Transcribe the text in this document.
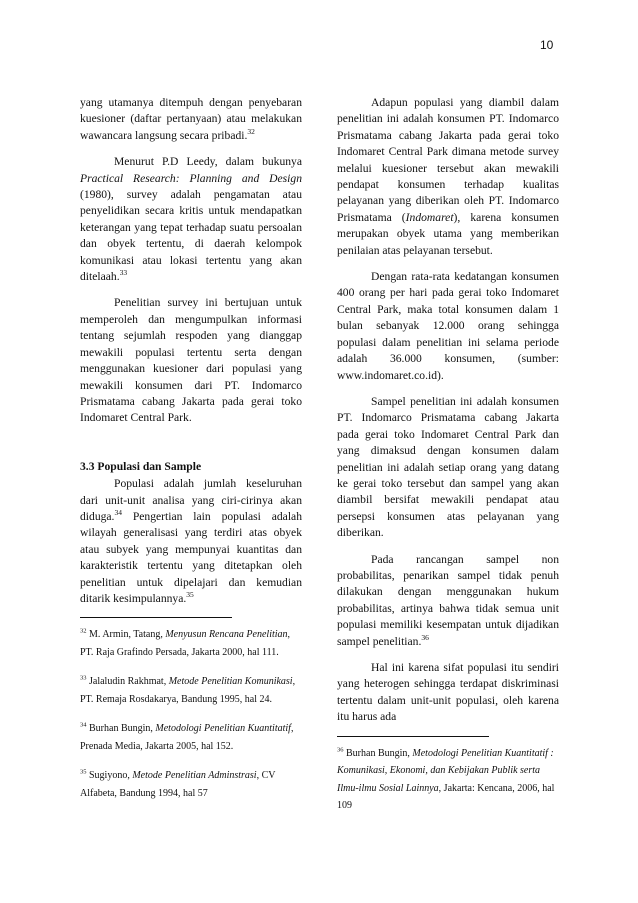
10

yang utamanya ditempuh dengan penyebaran kuesioner (daftar pertanyaan) atau melakukan wawancara langsung secara pribadi.$^{32}$

Menurut P.D Leedy, dalam bukunya Practical Research: Planning and Design (1980), survey adalah pengamatan atau penyelidikan secara kritis untuk mendapatkan keterangan yang tepat terhadap suatu persoalan dan obyek tertentu, di daerah kelompok komunikasi atau lokasi tertentu yang akan ditelaah.$^{33}$

Penelitian survey ini bertujuan untuk memperoleh dan mengumpulkan informasi tentang sejumlah respoden yang dianggap mewakili populasi tertentu serta dengan menggunakan kuesioner dari populasi yang mewakili konsumen dari PT. Indomarco Prismatama cabang Jakarta pada gerai toko Indomaret Central Park.

3.3 Populasi dan Sample

Populasi adalah jumlah keseluruhan dari unit-unit analisa yang ciri-cirinya akan diduga.$^{34}$ Pengertian lain populasi adalah wilayah generalisasi yang terdiri atas obyek atau subyek yang mempunyai kuantitas dan karakteristik tertentu yang ditetapkan oleh penelitian untuk dipelajari dan kemudian ditarik kesimpulannya.$^{35}$

$^{32}$ M. Armin, Tatang, Menyusun Rencana Penelitian, PT. Raja Grafindo Persada, Jakarta 2000, hal 111.

$^{33}$ Jalaludin Rakhmat, Metode Penelitian Komunikasi, PT. Remaja Rosdakarya, Bandung 1995, hal 24.

$^{34}$ Burhan Bungin, Metodologi Penelitian Kuantitatif, Prenada Media, Jakarta 2005, hal 152.

$^{35}$ Sugiyono, Metode Penelitian Adminstrasi, CV Alfabeta, Bandung 1994, hal 57

Adapun populasi yang diambil dalam penelitian ini adalah konsumen PT. Indomarco Prismatama cabang Jakarta pada gerai toko Indomaret Central Park dimana metode survey melalui kuesioner tersebut akan mewakili pendapat konsumen terhadap kualitas pelayanan yang diberikan oleh PT. Indomarco Prismatama (Indomaret), karena konsumen merupakan obyek utama yang memberikan penilaian atas pelayanan tersebut.

Dengan rata-rata kedatangan konsumen 400 orang per hari pada gerai toko Indomaret Central Park, maka total konsumen dalam 1 bulan sebanyak 12.000 orang sehingga populasi dalam penelitian ini selama periode adalah 36.000 konsumen, (sumber: www.indomaret.co.id).

Sampel penelitian ini adalah konsumen PT. Indomarco Prismatama cabang Jakarta pada gerai toko Indomaret Central Park dan yang dimaksud dengan konsumen dalam penelitian ini adalah setiap orang yang datang ke gerai toko tersebut dan sampel yang akan diambil bersifat mewakili pendapat atau persepsi konsumen atas pelayanan yang diberikan.

Pada rancangan sampel non probabilitas, penarikan sampel tidak penuh dilakukan dengan menggunakan hukum probabilitas, artinya bahwa tidak semua unit populasi memiliki kesempatan untuk dijadikan sampel penelitian.$^{36}$

Hal ini karena sifat populasi itu sendiri yang heterogen sehingga terdapat diskriminasi tertentu dalam unit-unit populasi, oleh karena itu harus ada

$^{36}$ Burhan Bungin, Metodologi Penelitian Kuantitatif : Komunikasi, Ekonomi, dan Kebijakan Publik serta Ilmu-ilmu Sosial Lainnya, Jakarta: Kencana, 2006, hal 109
